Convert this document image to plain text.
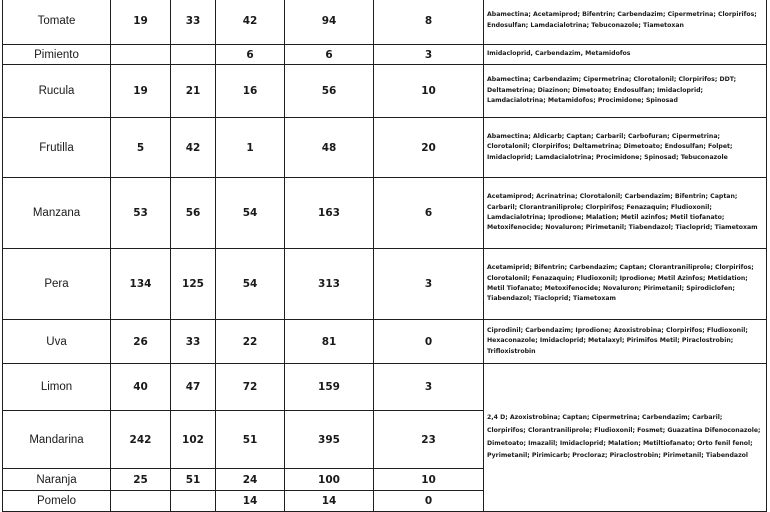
Tomate	19	33	42	94	8	Abamectina; Acetamiprod; Bifentrin; Carbendazim; Cipermetrina; Clorpirifos; Endosulfan; Lamdacialotrina; Tebuconazole; Tiametoxan
Pimiento			6	6	3	Imidacloprid, Carbendazim, Metamidofos
Rucula	19	21	16	56	10	Abamectina; Carbendazim; Cipermetrina; Clorotalonil; Clorpirifos; DDT; Deltametrina; Diazinon; Dimetoato; Endosulfan; Imidacloprid; Lamdacialotrina; Metamidofos; Procimidone; Spinosad
Frutilla	5	42	1	48	20	Abamectina; Aldicarb; Captan; Carbaril; Carbofuran; Cipermetrina; Clorotalonil; Clorpirifos; Deltametrina; Dimetoato; Endosulfan; Folpet; Imidacloprid; Lamdacialotrina; Procimidone; Spinosad; Tebuconazole
Manzana	53	56	54	163	6	Acetamiprod; Acrinatrina; Clorotalonil; Carbendazim; Bifentrin; Captan; Carbaril; Clorantraniliprole; Clorpirifos; Fenazaquin; Fludioxonil; Lamdacialotrina; Iprodione; Malation; Metil azinfos; Metil tiofanato; Metoxifenocide; Novaluron; Pirimetanil; Tiabendazol; Tiacloprid; Tiametoxam
Pera	134	125	54	313	3	Acetamiprid; Bifentrin; Carbendazim; Captan; Clorantraniliprole; Clorpirifos; Clorotalonil; Fenazaquin; Fludioxonil; Iprodione; Metil Azinfos; Metidation; Metil Tiofanato; Metoxifenocide; Novaluron; Pirimetanil; Spirodiclofen; Tiabendazol; Tiacloprid; Tiametoxam
Uva	26	33	22	81	0	Ciprodinil; Carbendazim; Iprodione; Azoxistrobina; Clorpirifos; Fludioxonil; Hexaconazole; Imidacloprid; Metalaxyl; Pirimifos Metil; Piraclostrobin; Trifloxistrobin
Limon	40	47	72	159	3	2,4 D; Azoxistrobina; Captan; Cipermetrina; Carbendazim; Carbaril; Clorpirifos; Clorantraniliprole; Fludioxonil; Fosmet; Guazatina Difenoconazole; Dimetoato; Imazalil; Imidacloprid; Malation; Metiltiofanato; Orto fenil fenol; Pyrimetanil; Pirimicarb; Procloraz; Piraclostrobin; Pirimetanil; Tiabendazol
Mandarina	242	102	51	395	23	
Naranja	25	51	24	100	10	
Pomelo			14	14	0	
